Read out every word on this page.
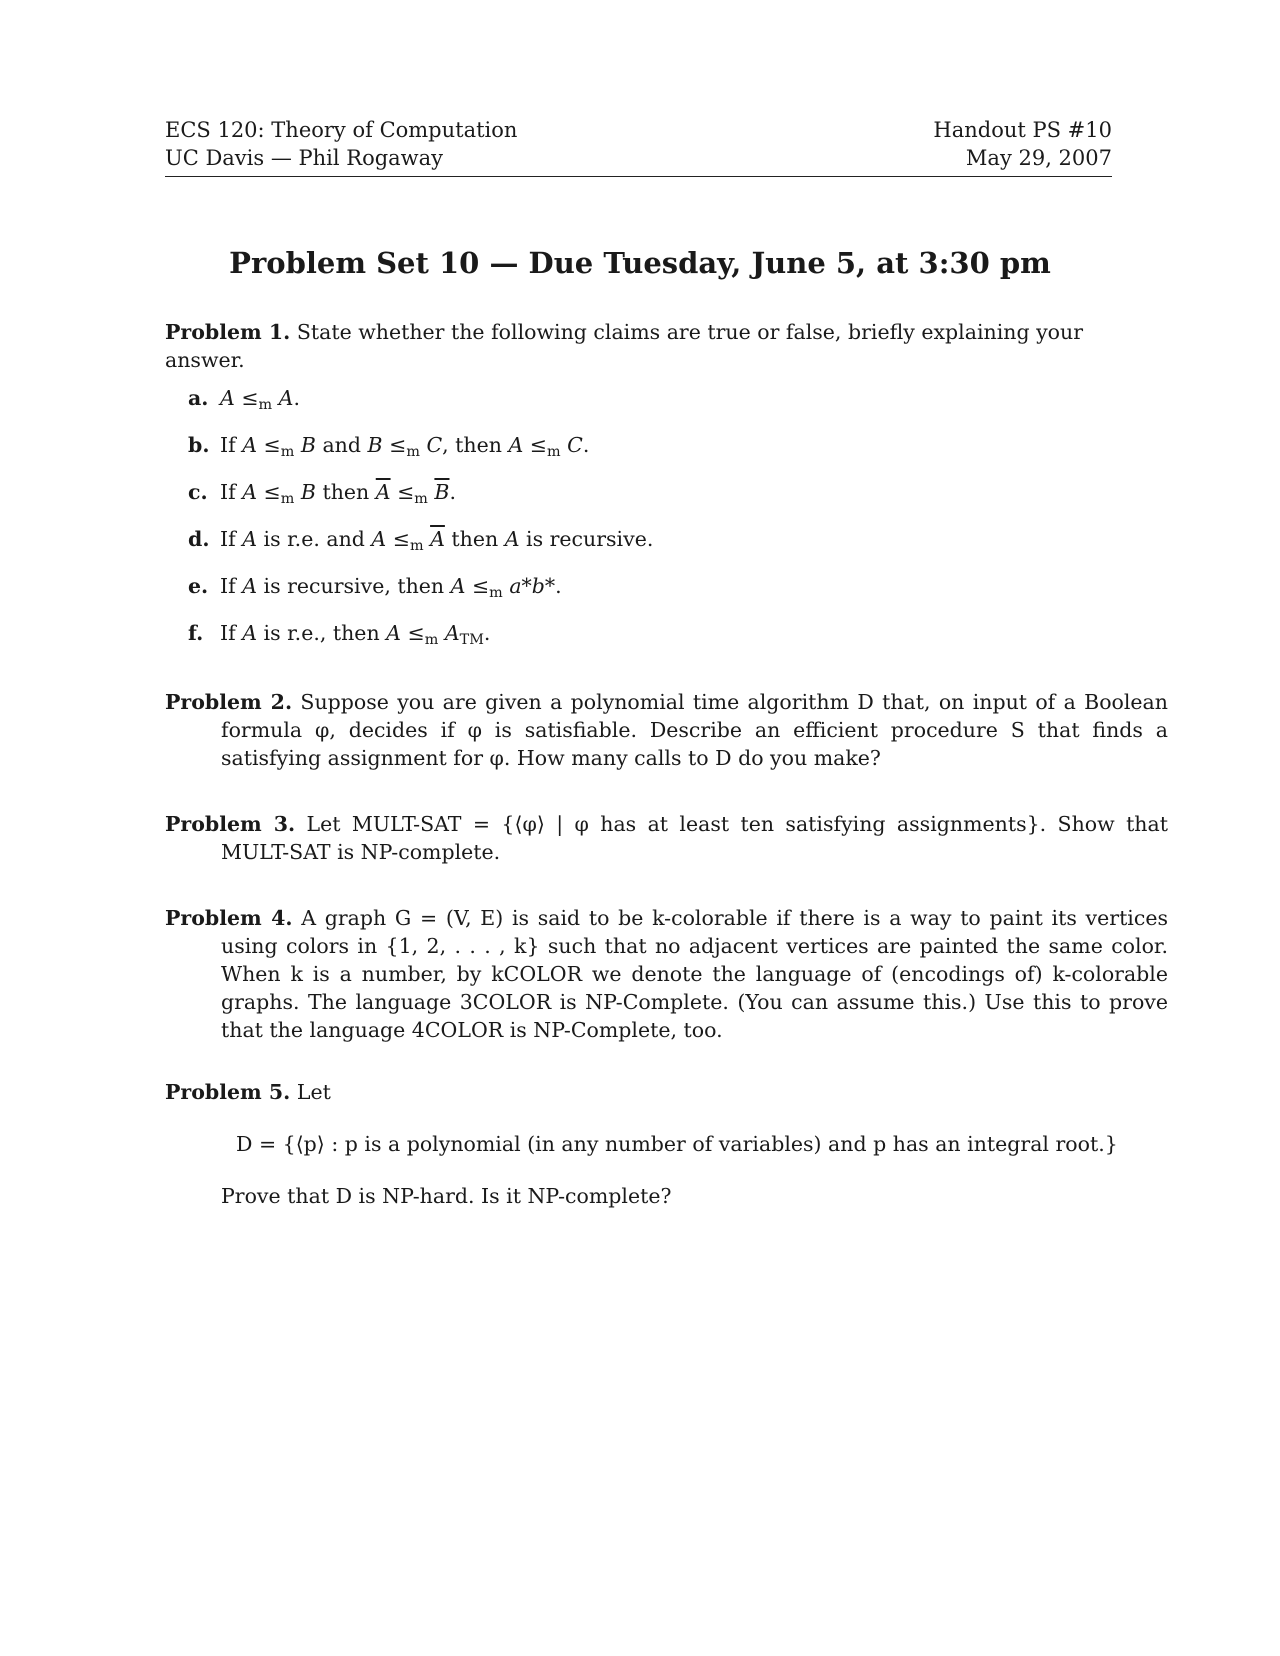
ECS 120: Theory of Computation
UC Davis — Phil Rogaway
Handout PS #10
May 29, 2007
Problem Set 10 — Due Tuesday, June 5, at 3:30 pm
Problem 1. State whether the following claims are true or false, briefly explaining your answer.
a. $A \le_m$ A.
b. If $A \le_m$ B and $B \le_m$ C, then $A \le_m$ C.
c. If $A \le_m$ B then $\overline{A} \le_m$ $\overline{B}$.
d. If A is r.e. and $A \le_m$ $\overline{A}$ then A is recursive.
e. If A is recursive, then $A \le_m$ a*b*.
f. If A is r.e., then $A \le_m$ $A_{TM}$.
Problem 2. Suppose you are given a polynomial time algorithm D that, on input of a Boolean formula φ, decides if φ is satisfiable. Describe an efficient procedure S that finds a satisfying assignment for φ. How many calls to D do you make?
Problem 3. Let MULT-SAT = {⟨φ⟩ | φ has at least ten satisfying assignments}. Show that MULT-SAT is NP-complete.
Problem 4. A graph G = (V, E) is said to be k-colorable if there is a way to paint its vertices using colors in {1, 2, . . . , k} such that no adjacent vertices are painted the same color. When k is a number, by kCOLOR we denote the language of (encodings of) k-colorable graphs. The language 3COLOR is NP-Complete. (You can assume this.) Use this to prove that the language 4COLOR is NP-Complete, too.
Problem 5. Let
D = {⟨p⟩ : p is a polynomial (in any number of variables) and p has an integral root.}
Prove that D is NP-hard. Is it NP-complete?
